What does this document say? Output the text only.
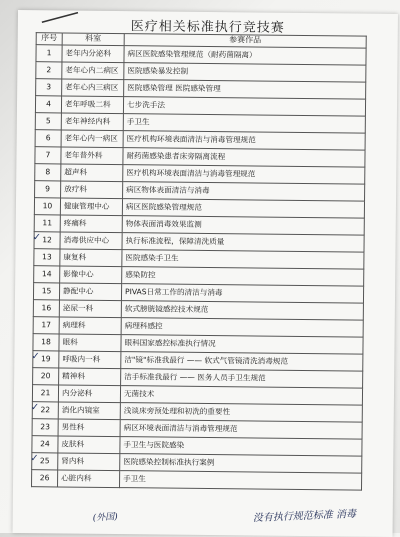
医疗相关标准执行竞技赛
序号	科室	参赛作品
1	老年内分泌科	病区医院感染管理规范（耐药菌隔离）
2	老年心内二病区	医院感染暴发控制
3	老年心内三病区	医院感染管理 医院感染管理
4	老年呼吸二科	七步洗手法
5	老年神经内科	手卫生
6	老年心内一病区	医疗机构环境表面清洁与消毒管理规范
7	老年普外科	耐药菌感染患者床旁隔离流程
8	超声科	医疗机构环境表面清洁与消毒管理规范
9	放疗科	病区物体表面清洁与消毒
10	健康管理中心	病区医院感染管理规范
11	疼痛科	物体表面消毒效果监测

✓ 12	消毒供应中心	执行标准流程，保障清洗质量
13	康复科	医院感染手卫生
14	影像中心	感染防控
15	静配中心	PIVAS日常工作的清洁与消毒
16	泌尿一科	软式膀胱镜感控技术规范
17	病理科	病理科感控
18	眼科	眼科国家感控标准执行情况

✓ 19	呼吸内一科	洁"镜"标准我最行 —— 软式气管镜清洗消毒规范
20	精神科	洁手标准我最行 —— 医务人员手卫生规范
21	内分泌科	无菌技术

✓ 22	消化内镜室	浅谈床旁预处理和初洗的重要性
23	男性科	病区环境表面清洁与消毒管理规范
24	皮肤科	手卫生与医院感染

✓ 25	肾内科	医院感染控制标准执行案例
26	心脏内科	手卫生
(外国)	没有执行规范标准 消毒
